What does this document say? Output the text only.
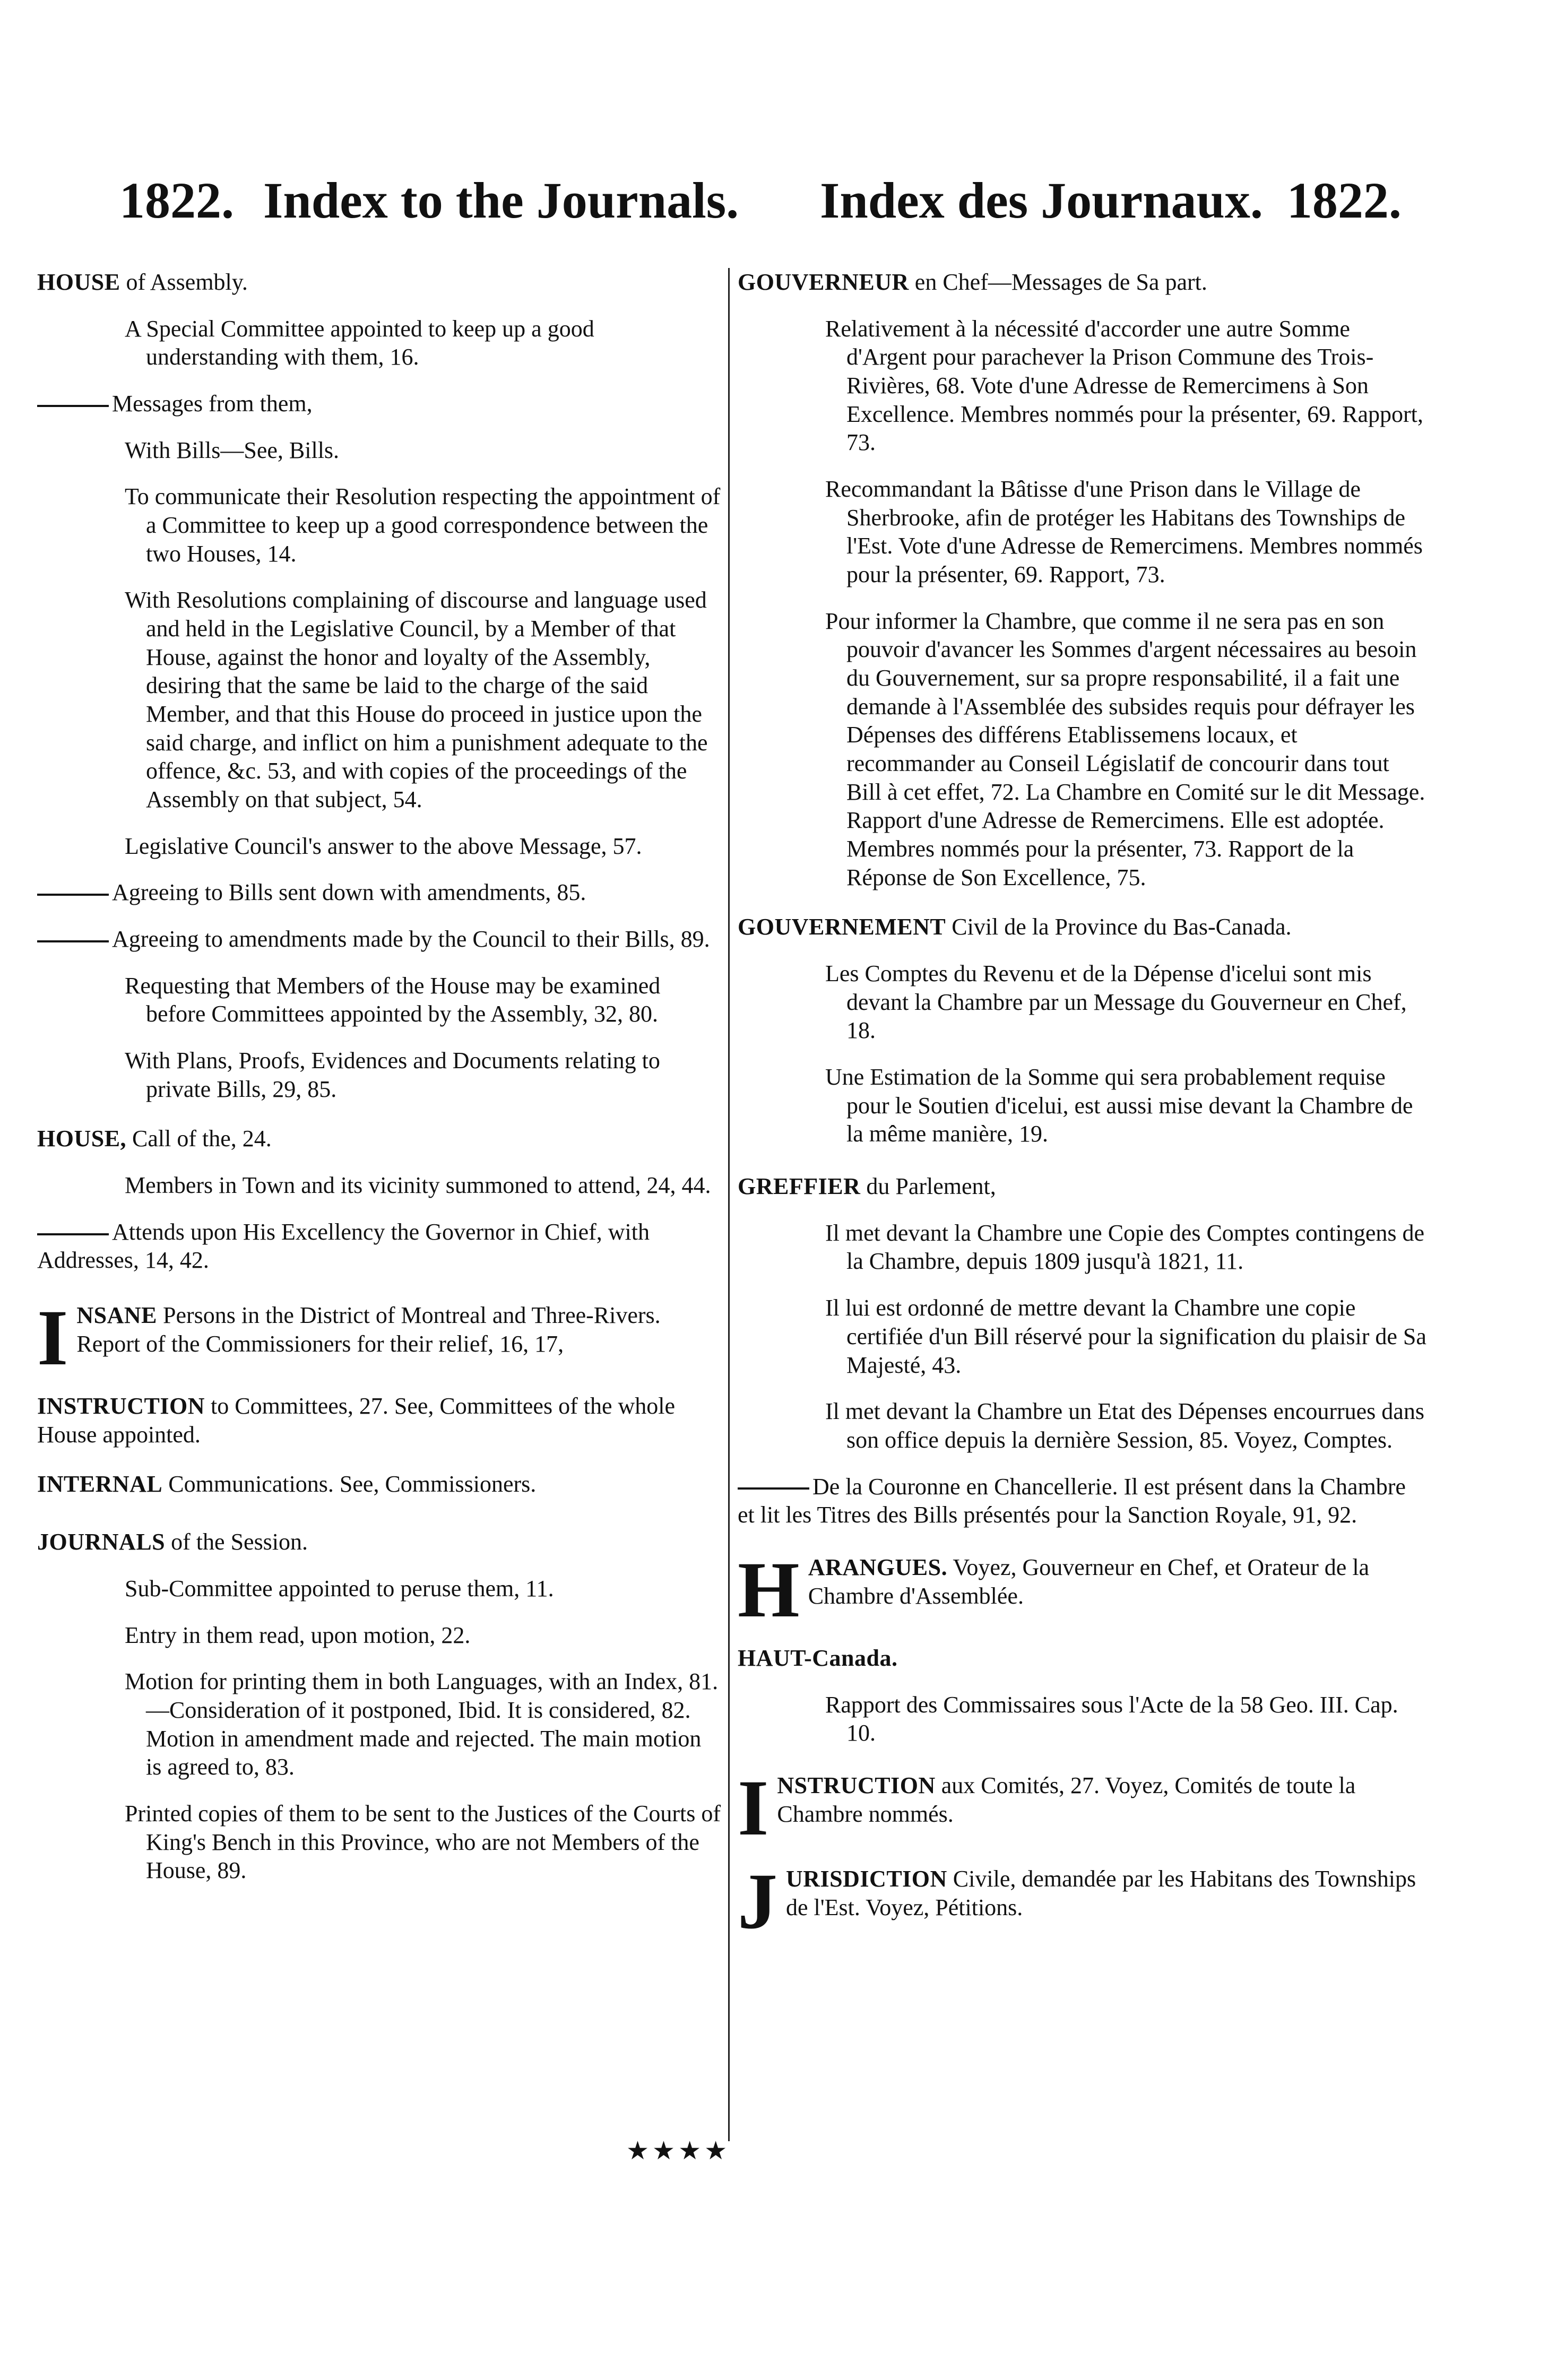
1822. Index to the Journals. Index des Journaux. 1822.
HOUSE of Assembly.
A Special Committee appointed to keep up a good understanding with them, 16.
Messages from them,
With Bills—See, Bills.
To communicate their Resolution respecting the appointment of a Committee to keep up a good correspondence between the two Houses, 14.
With Resolutions complaining of discourse and language used and held in the Legislative Council, by a Member of that House, against the honor and loyalty of the Assembly, desiring that the same be laid to the charge of the said Member, and that this House do proceed in justice upon the said charge, and inflict on him a punishment adequate to the offence, &c. 53, and with copies of the proceedings of the Assembly on that subject, 54.
Legislative Council's answer to the above Message, 57.
Agreeing to Bills sent down with amendments, 85.
Agreeing to amendments made by the Council to their Bills, 89.
Requesting that Members of the House may be examined before Committees appointed by the Assembly, 32, 80.
With Plans, Proofs, Evidences and Documents relating to private Bills, 29, 85.
HOUSE, Call of the, 24.
Members in Town and its vicinity summoned to attend, 24, 44.
Attends upon His Excellency the Governor in Chief, with Addresses, 14, 42.
I NSANE Persons in the District of Montreal and Three-Rivers. Report of the Commissioners for their relief, 16, 17,
INSTRUCTION to Committees, 27. See, Committees of the whole House appointed.
INTERNAL Communications. See, Commissioners.
JOURNALS of the Session.
Sub-Committee appointed to peruse them, 11.
Entry in them read, upon motion, 22.
Motion for printing them in both Languages, with an Index, 81.—Consideration of it postponed, Ibid. It is considered, 82. Motion in amendment made and rejected. The main motion is agreed to, 83.
Printed copies of them to be sent to the Justices of the Courts of King's Bench in this Province, who are not Members of the House, 89.
★★★★
GOUVERNEUR en Chef—Messages de Sa part.
Relativement à la nécessité d'accorder une autre Somme d'Argent pour parachever la Prison Commune des Trois-Rivières, 68. Vote d'une Adresse de Remercimens à Son Excellence. Membres nommés pour la présenter, 69. Rapport, 73.
Recommandant la Bâtisse d'une Prison dans le Village de Sherbrooke, afin de protéger les Habitans des Townships de l'Est. Vote d'une Adresse de Remercimens. Membres nommés pour la présenter, 69. Rapport, 73.
Pour informer la Chambre, que comme il ne sera pas en son pouvoir d'avancer les Sommes d'argent nécessaires au besoin du Gouvernement, sur sa propre responsabilité, il a fait une demande à l'Assemblée des subsides requis pour défrayer les Dépenses des différens Etablissemens locaux, et recommander au Conseil Législatif de concourir dans tout Bill à cet effet, 72. La Chambre en Comité sur le dit Message. Rapport d'une Adresse de Remercimens. Elle est adoptée. Membres nommés pour la présenter, 73. Rapport de la Réponse de Son Excellence, 75.
GOUVERNEMENT Civil de la Province du Bas-Canada.
Les Comptes du Revenu et de la Dépense d'icelui sont mis devant la Chambre par un Message du Gouverneur en Chef, 18.
Une Estimation de la Somme qui sera probablement requise pour le Soutien d'icelui, est aussi mise devant la Chambre de la même manière, 19.
GREFFIER du Parlement,
Il met devant la Chambre une Copie des Comptes contingens de la Chambre, depuis 1809 jusqu'à 1821, 11.
Il lui est ordonné de mettre devant la Chambre une copie certifiée d'un Bill réservé pour la signification du plaisir de Sa Majesté, 43.
Il met devant la Chambre un Etat des Dépenses encourrues dans son office depuis la dernière Session, 85. Voyez, Comptes.
De la Couronne en Chancellerie. Il est présent dans la Chambre et lit les Titres des Bills présentés pour la Sanction Royale, 91, 92.
H ARANGUES. Voyez, Gouverneur en Chef, et Orateur de la Chambre d'Assemblée.
HAUT-Canada.
Rapport des Commissaires sous l'Acte de la 58 Geo. III. Cap. 10.
I NSTRUCTION aux Comités, 27. Voyez, Comités de toute la Chambre nommés.
J URISDICTION Civile, demandée par les Habitans des Townships de l'Est. Voyez, Pétitions.
